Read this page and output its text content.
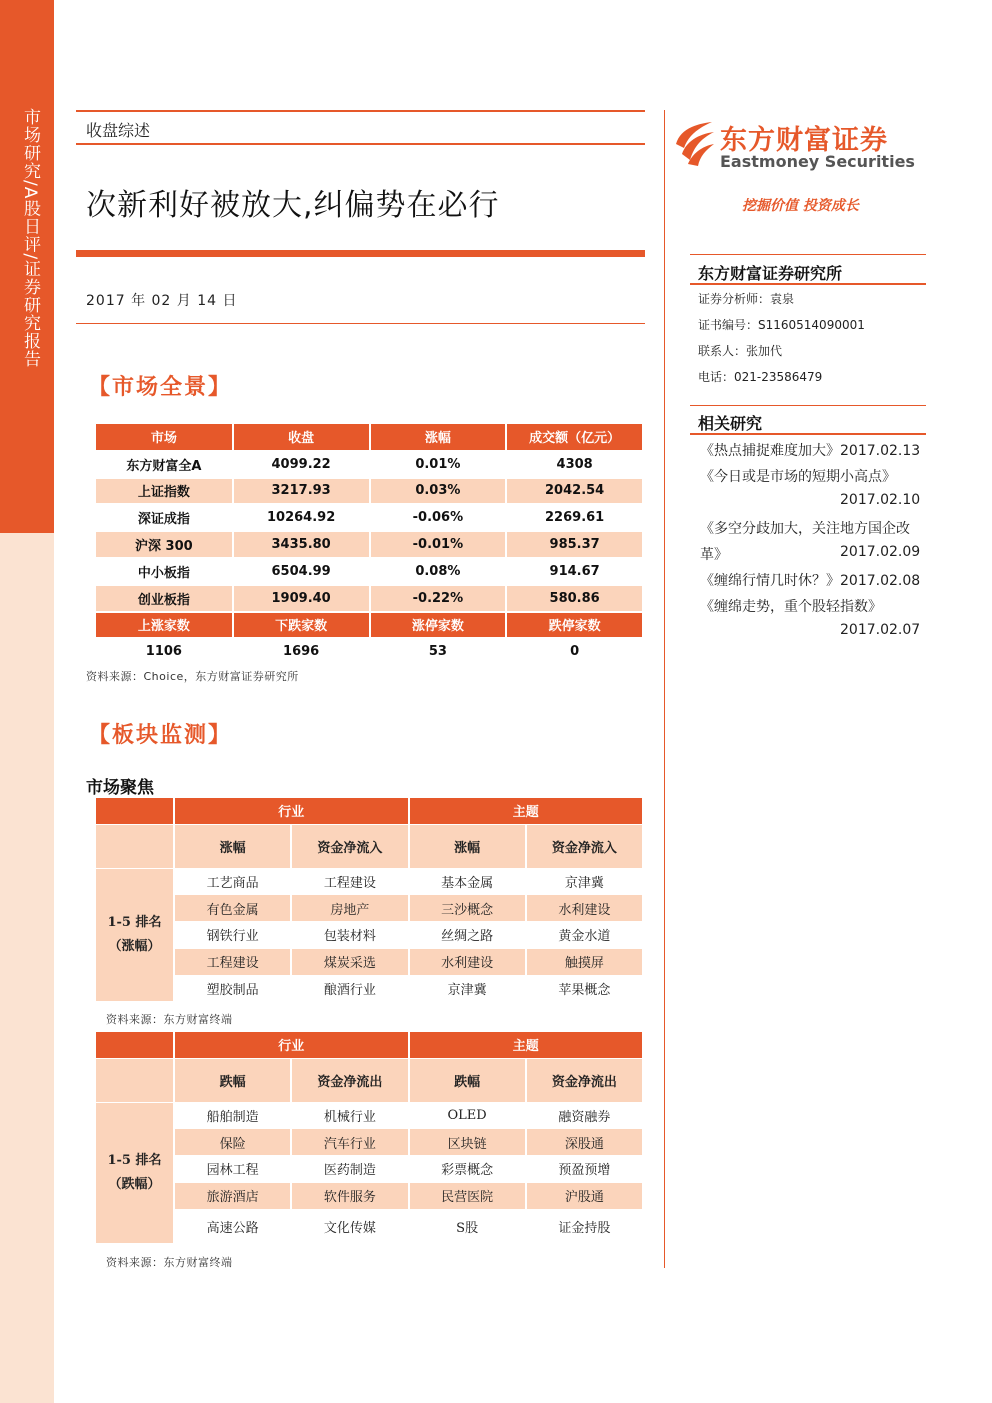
市场研究/A股日评/证券研究报告	收盘综述
次新利好被放大,纠偏势在必行
2017 年 02 月 14 日
【市场全景】
市场	收盘	涨幅	成交额（亿元）
东方财富全A	4099.22	0.01%	4308
上证指数	3217.93	0.03%	2042.54
深证成指	10264.92	-0.06%	2269.61
沪深 300	3435.80	-0.01%	985.37
中小板指	6504.99	0.08%	914.67
创业板指	1909.40	-0.22%	580.86
上涨家数	下跌家数	涨停家数	跌停家数
1106	1696	53	0
资料来源：Choice，东方财富证券研究所
【板块监测】
市场聚焦
	行业		主题	
	涨幅	资金净流入	涨幅	资金净流入

1-5 排名
（涨幅）	工艺商品	工程建设	基本金属	京津冀
	有色金属	房地产	三沙概念	水利建设
	钢铁行业	包装材料	丝绸之路	黄金水道
	工程建设	煤炭采选	水利建设	触摸屏
	塑胶制品	酿酒行业	京津冀	苹果概念
资料来源：东方财富终端
	行业		主题	
	跌幅	资金净流出	跌幅	资金净流出

1-5 排名
（跌幅）	船舶制造	机械行业	OLED	融资融券
	保险	汽车行业	区块链	深股通
	园林工程	医药制造	彩票概念	预盈预增
	旅游酒店	软件服务	民营医院	沪股通
	高速公路	文化传媒	S股	证金持股
资料来源：东方财富终端
东方财富证券
Eastmoney Securities
挖掘价值 投资成长
东方财富证券研究所
证券分析师：袁泉
证书编号：S1160514090001
联系人：张加代
电话：021-23586479
相关研究
《热点捕捉难度加大》2017.02.13
《今日或是市场的短期小高点》
2017.02.10
《多空分歧加大，关注地方国企改
革》	2017.02.09
《缠绵行情几时休？》2017.02.08
《缠绵走势，重个股轻指数》
2017.02.07
